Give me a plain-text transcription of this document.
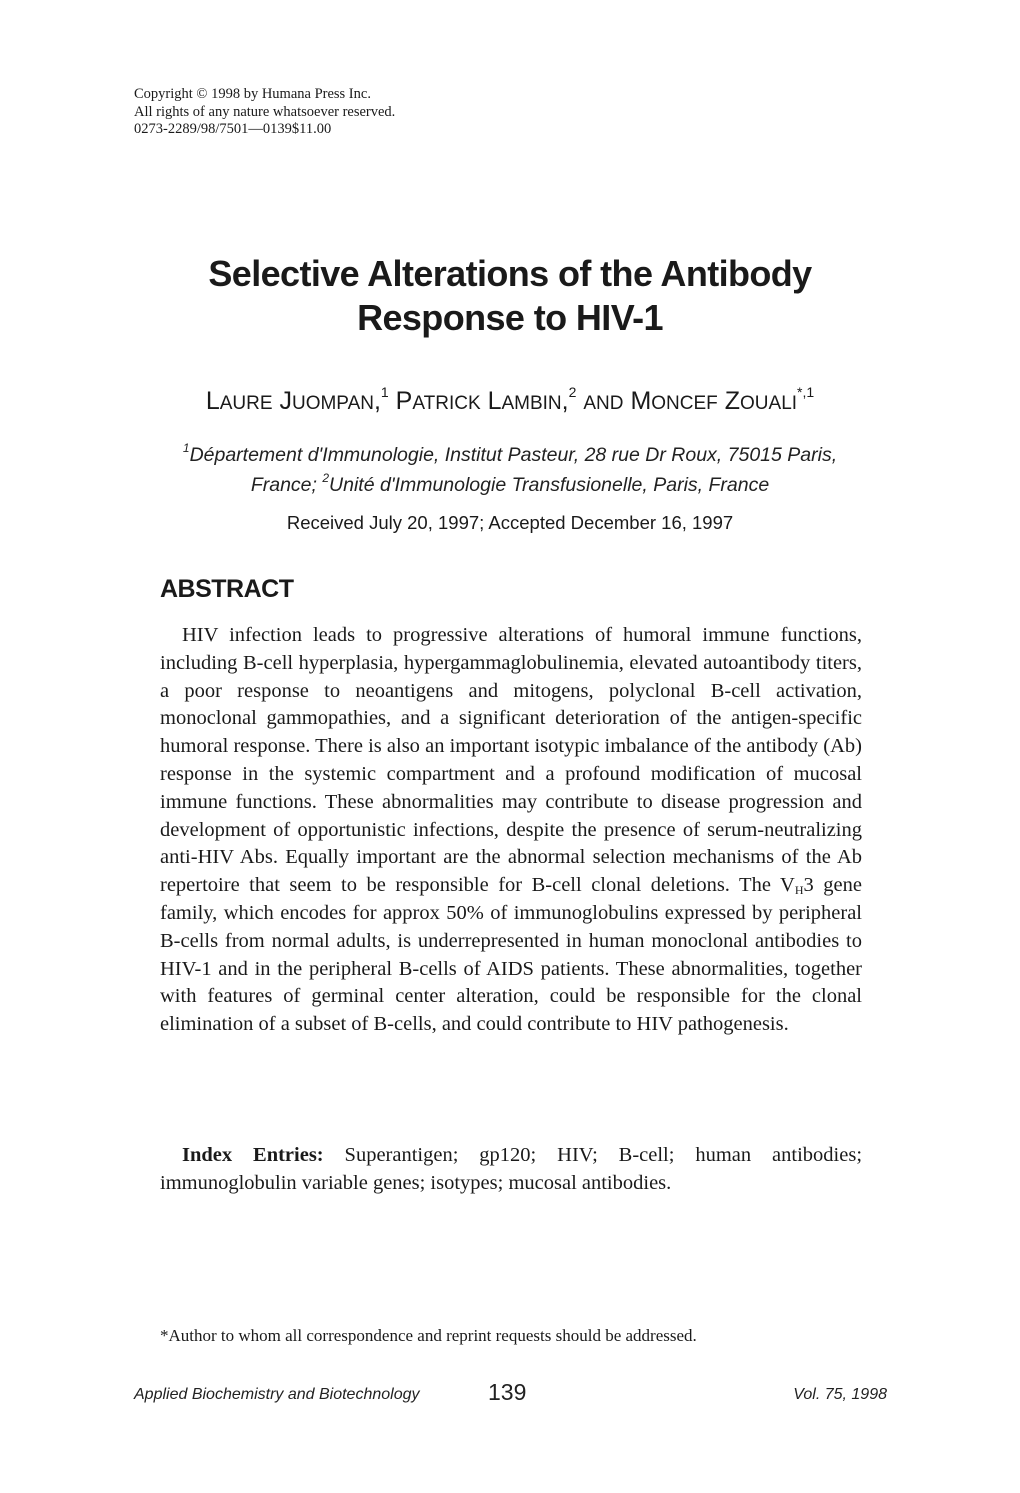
Copyright © 1998 by Humana Press Inc.
All rights of any nature whatsoever reserved.
0273-2289/98/7501—0139$11.00
Selective Alterations of the Antibody
Response to HIV-1
LAURE JUOMPAN,$^1$ PATRICK LAMBIN,$^2$ AND MONCEF $ZOUALI^{*,1}$
$^1$Département d'Immunologie, Institut Pasteur, 28 rue Dr Roux, 75015 Paris,
France; $^2$Unité d'Immunologie Transfusionelle, Paris, France
Received July 20, 1997; Accepted December 16, 1997
ABSTRACT

HIV infection leads to progressive alterations of humoral immune functions, including B-cell hyperplasia, hypergammaglobulinemia, elevated autoantibody titers, a poor response to neoantigens and mitogens, polyclonal B-cell activation, monoclonal gammopathies, and a significant deterioration of the antigen-specific humoral response. There is also an important isotypic imbalance of the antibody (Ab) response in the systemic compartment and a profound modification of mucosal immune functions. These abnormalities may contribute to disease progression and development of opportunistic infections, despite the presence of serum-neutralizing anti-HIV Abs. Equally important are the abnormal selection mechanisms of the Ab repertoire that seem to be responsible for B-cell clonal deletions. The $V_H3$ gene family, which encodes for approx 50% of immunoglobulins expressed by peripheral B-cells from normal adults, is underrepresented in human monoclonal antibodies to HIV-1 and in the peripheral B-cells of AIDS patients. These abnormalities, together with features of germinal center alteration, could be responsible for the clonal elimination of a subset of B-cells, and could contribute to HIV pathogenesis.

Index Entries: Superantigen; gp120; HIV; B-cell; human antibodies; immunoglobulin variable genes; isotypes; mucosal antibodies.

*Author to whom all correspondence and reprint requests should be addressed.
Applied Biochemistry and Biotechnology	139	Vol. 75, 1998
